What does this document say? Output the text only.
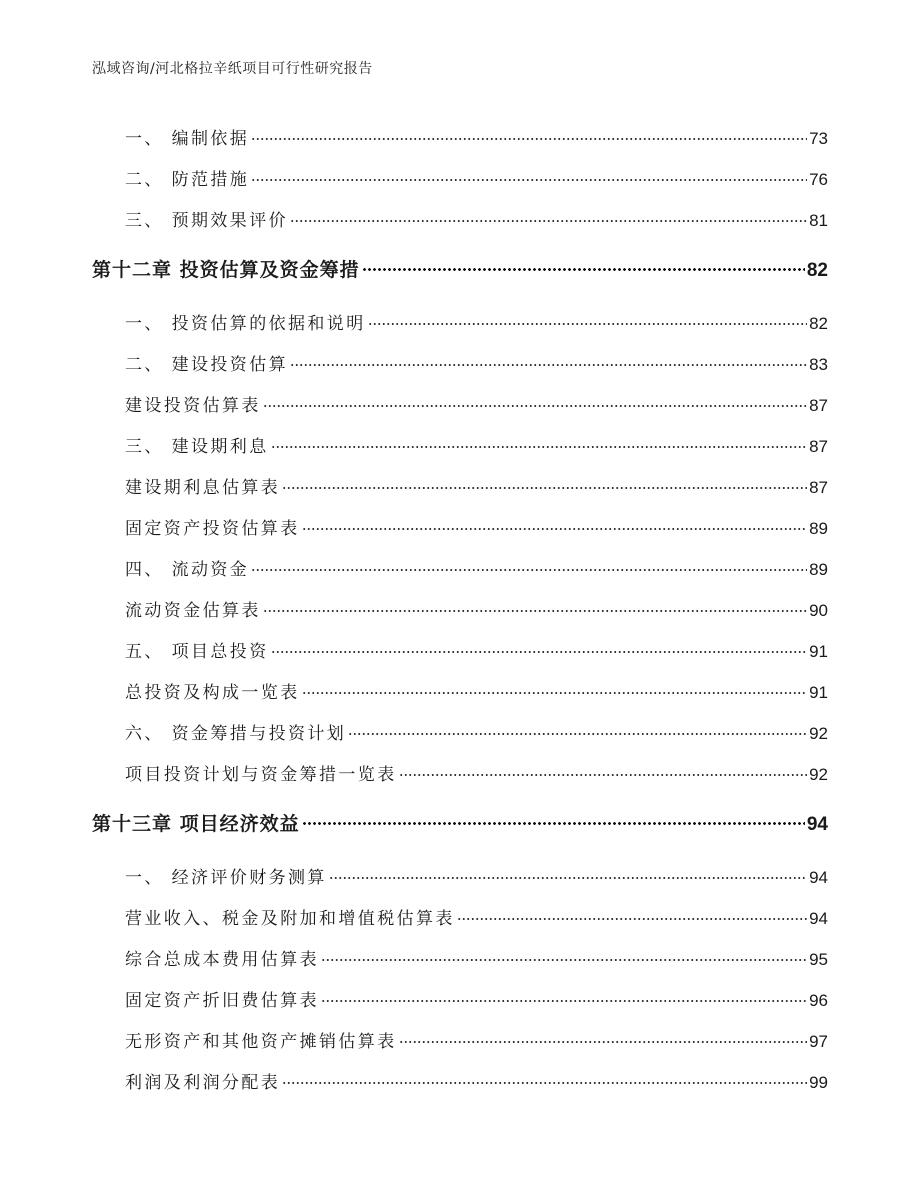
泓域咨询/河北格拉辛纸项目可行性研究报告
一、 编制依据	73
二、 防范措施	76
三、 预期效果评价	81
第十二章 投资估算及资金筹措	82
一、 投资估算的依据和说明	82
二、 建设投资估算	83
建设投资估算表	87
三、 建设期利息	87
建设期利息估算表	87
固定资产投资估算表	89
四、 流动资金	89
流动资金估算表	90
五、 项目总投资	91
总投资及构成一览表	91
六、 资金筹措与投资计划	92
项目投资计划与资金筹措一览表	92
第十三章 项目经济效益	94
一、 经济评价财务测算	94
营业收入、税金及附加和增值税估算表	94
综合总成本费用估算表	95
固定资产折旧费估算表	96
无形资产和其他资产摊销估算表	97
利润及利润分配表	99
